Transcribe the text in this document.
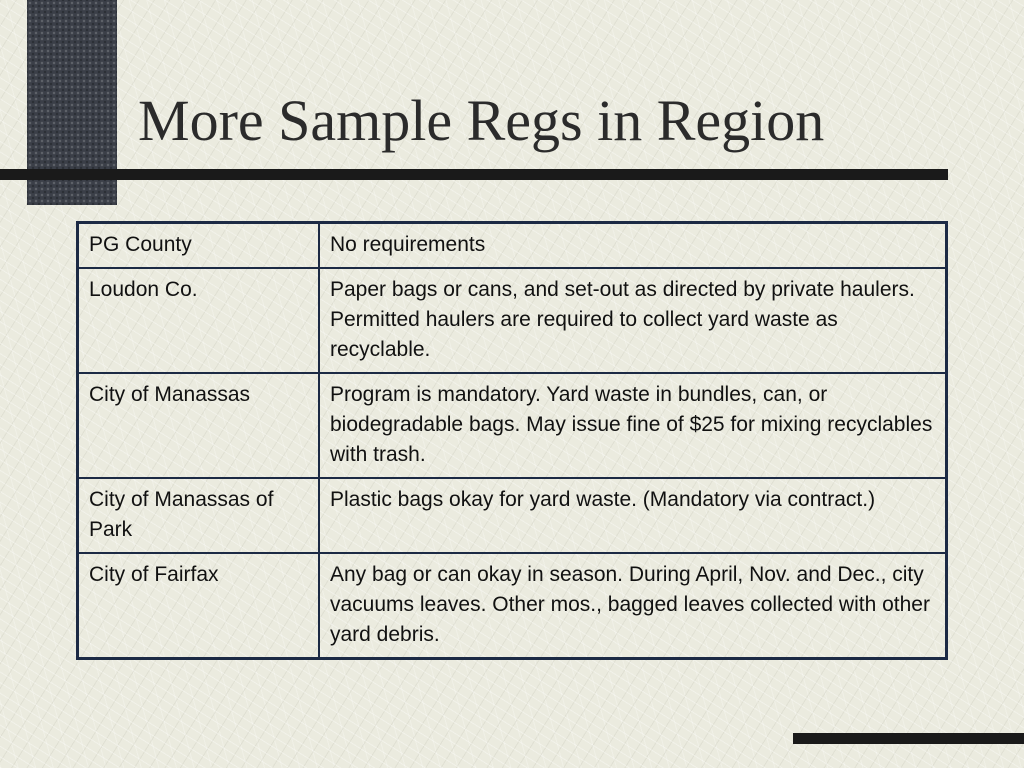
More Sample Regs in Region
PG County	No requirements
Loudon Co.	Paper bags or cans, and set-out as directed by private haulers. Permitted haulers are required to collect yard waste as recyclable.
City of Manassas	Program is mandatory. Yard waste in bundles, can, or biodegradable bags. May issue fine of $25 for mixing recyclables with trash.
City of Manassas of Park	Plastic bags okay for yard waste. (Mandatory via contract.)
City of Fairfax	Any bag or can okay in season. During April, Nov. and Dec., city vacuums leaves. Other mos., bagged leaves collected with other yard debris.
